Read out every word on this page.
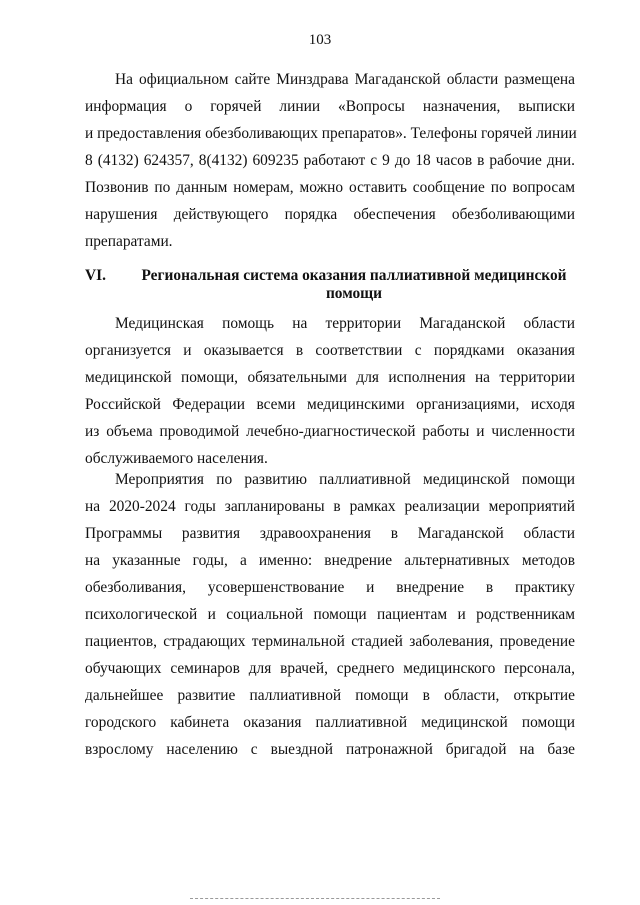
103
На официальном сайте Минздрава Магаданской области размещена
информация о горячей линии «Вопросы назначения, выписки
и предоставления обезболивающих препаратов». Телефоны горячей линии
8 (4132) 624357, 8(4132) 609235 работают с 9 до 18 часов в рабочие дни.
Позвонив по данным номерам, можно оставить сообщение по вопросам
нарушения действующего порядка обеспечения обезболивающими
препаратами.
VI.	Региональная система оказания паллиативной медицинской
помощи
Медицинская помощь на территории Магаданской области
организуется и оказывается в соответствии с порядками оказания
медицинской помощи, обязательными для исполнения на территории
Российской Федерации всеми медицинскими организациями, исходя
из объема проводимой лечебно-диагностической работы и численности
обслуживаемого населения.
Мероприятия по развитию паллиативной медицинской помощи
на 2020-2024 годы запланированы в рамках реализации мероприятий
Программы развития здравоохранения в Магаданской области
на указанные годы, а именно: внедрение альтернативных методов
обезболивания, усовершенствование и внедрение в практику
психологической и социальной помощи пациентам и родственникам
пациентов, страдающих терминальной стадией заболевания, проведение
обучающих семинаров для врачей, среднего медицинского персонала,
дальнейшее развитие паллиативной помощи в области, открытие
городского кабинета оказания паллиативной медицинской помощи
взрослому населению с выездной патронажной бригадой на базе
